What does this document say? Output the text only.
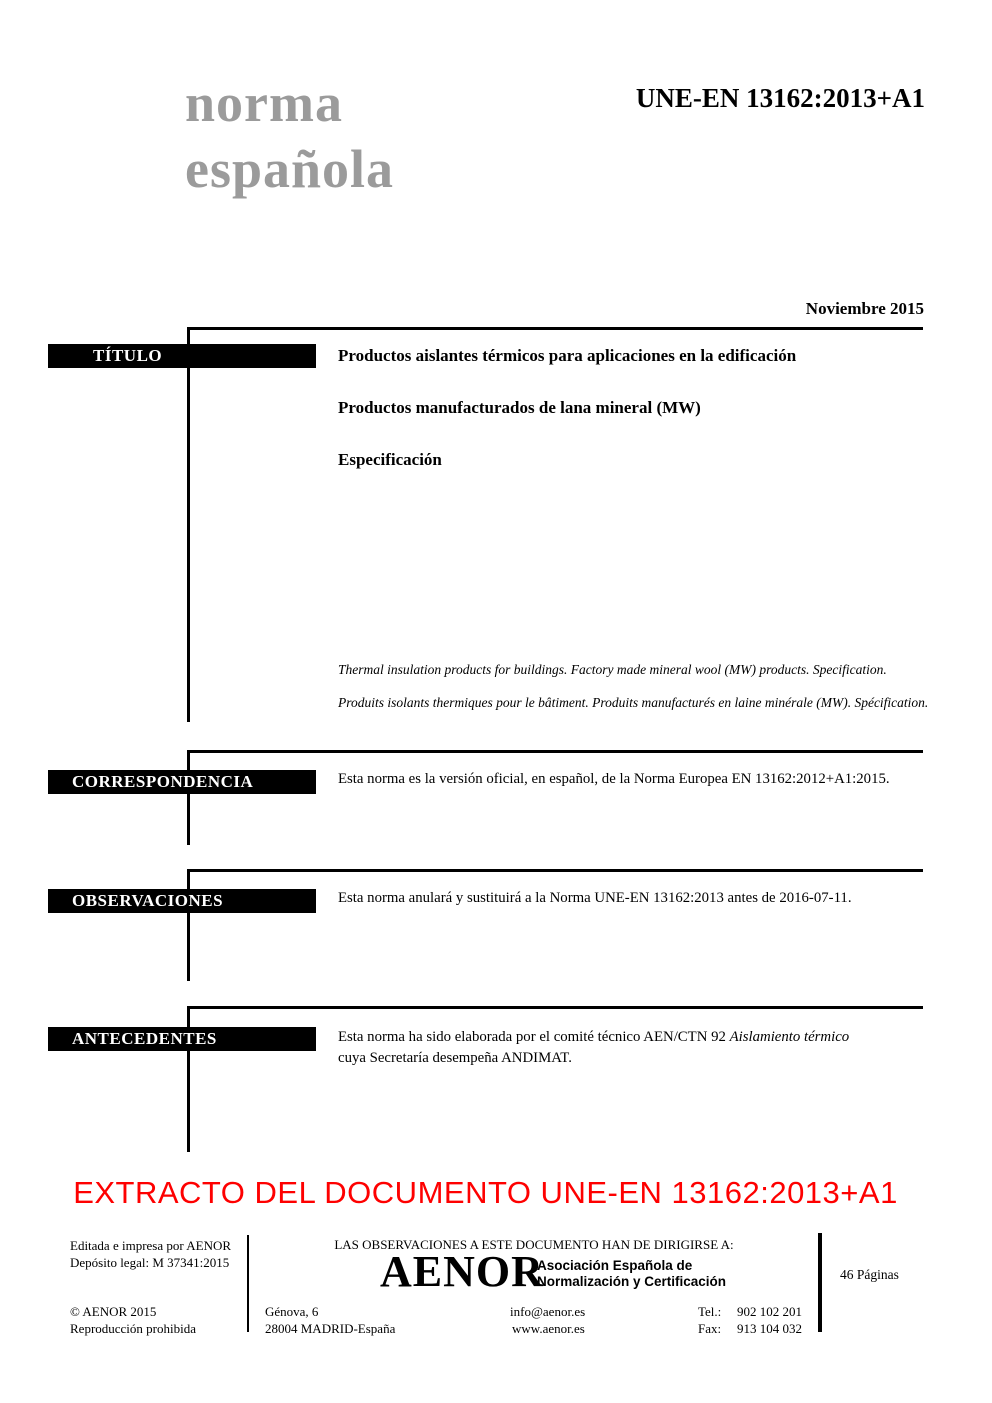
norma
española
UNE-EN 13162:2013+A1
Noviembre 2015
TÍTULO	Productos aislantes térmicos para aplicaciones en la edificación
Productos manufacturados de lana mineral (MW)
Especificación
Thermal insulation products for buildings. Factory made mineral wool (MW) products. Specification.
Produits isolants thermiques pour le bâtiment. Produits manufacturés en laine minérale (MW). Spécification.
CORRESPONDENCIA	Esta norma es la versión oficial, en español, de la Norma Europea EN 13162:2012+A1:2015.
OBSERVACIONES	Esta norma anulará y sustituirá a la Norma UNE-EN 13162:2013 antes de 2016-07-11.
ANTECEDENTES	Esta norma ha sido elaborada por el comité técnico AEN/CTN 92 Aislamiento térmico
cuya Secretaría desempeña ANDIMAT.
EXTRACTO DEL DOCUMENTO UNE-EN 13162:2013+A1
Editada e impresa por AENOR
Depósito legal: M 37341:2015
© AENOR 2015
Reproducción prohibida
LAS OBSERVACIONES A ESTE DOCUMENTO HAN DE DIRIGIRSE A:
AENOR
Asociación Española de
Normalización y Certificación
Génova, 6
28004 MADRID-España
info@aenor.es
www.aenor.es
Tel.: 902 102 201
Fax: 913 104 032
46 Páginas
